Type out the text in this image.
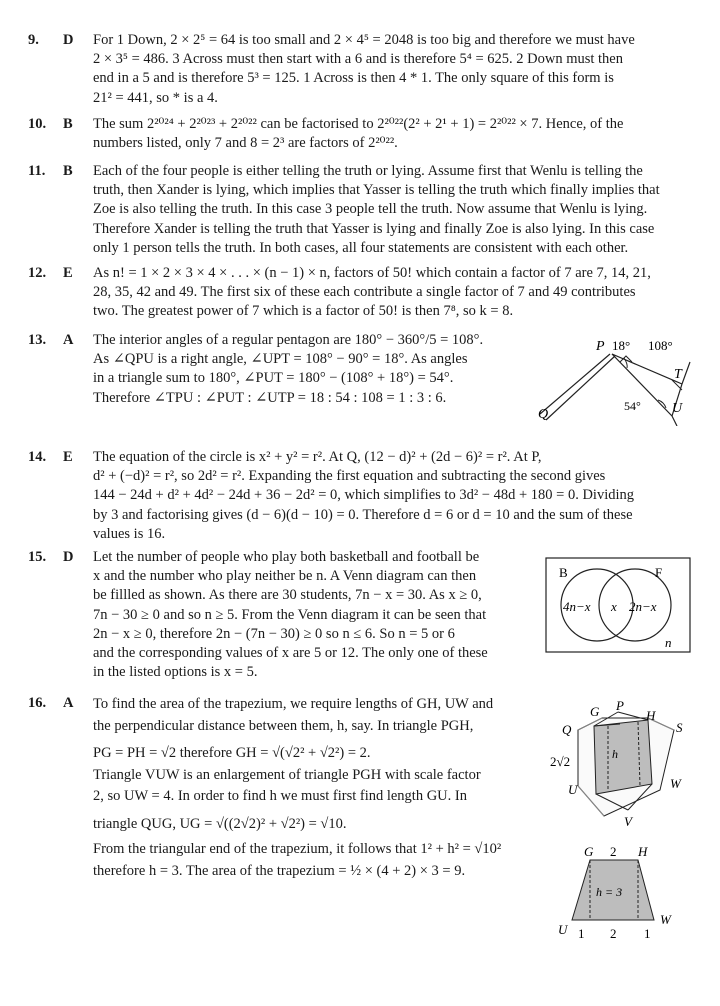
9. D For 1 Down, 2 × 2⁵ = 64 is too small and 2 × 4⁵ = 2048 is too big and therefore we must have
2 × 3⁵ = 486. 3 Across must then start with a 6 and is therefore 5⁴ = 625. 2 Down must then
end in a 5 and is therefore 5³ = 125. 1 Across is then 4 * 1. The only square of this form is
21² = 441, so * is a 4.
10. B The sum 2²⁰²⁴ + 2²⁰²³ + 2²⁰²² can be factorised to 2²⁰²²(2² + 2¹ + 1) = 2²⁰²² × 7. Hence, of the
numbers listed, only 7 and 8 = 2³ are factors of 2²⁰²².
11. B Each of the four people is either telling the truth or lying. Assume first that Wenlu is telling the
truth, then Xander is lying, which implies that Yasser is telling the truth which finally implies that
Zoe is also telling the truth. In this case 3 people tell the truth. Now assume that Wenlu is lying.
Therefore Xander is telling the truth that Yasser is lying and finally Zoe is also lying. In this case
only 1 person tells the truth. In both cases, all four statements are consistent with each other.
12. E As n! = 1 × 2 × 3 × 4 × . . . × (n − 1) × n, factors of 50! which contain a factor of 7 are 7, 14, 21,
28, 35, 42 and 49. The first six of these each contribute a single factor of 7 and 49 contributes
two. The greatest power of 7 which is a factor of 50! is then 7⁸, so k = 8.
13. A The interior angles of a regular pentagon are 180° − 360°/5 = 108°.
As ∠QPU is a right angle, ∠UPT = 108° − 90° = 18°. As angles
in a triangle sum to 180°, ∠PUT = 180° − (108° + 18°) = 54°.
Therefore ∠TPU : ∠PUT : ∠UTP = 18 : 54 : 108 = 1 : 3 : 6.
P 18° 108°
T
Q
54° U
14. E The equation of the circle is x² + y² = r². At Q, (12 − d)² + (2d − 6)² = r². At P,
d² + (−d)² = r², so 2d² = r². Expanding the first equation and subtracting the second gives
144 − 24d + d² + 4d² − 24d + 36 − 2d² = 0, which simplifies to 3d² − 48d + 180 = 0. Dividing
by 3 and factorising gives (d − 6)(d − 10) = 0. Therefore d = 6 or d = 10 and the sum of these
values is 16.
15. D Let the number of people who play both basketball and football be
x and the number who play neither be n. A Venn diagram can then
be fillled as shown. As there are 30 students, 7n − x = 30. As x ≥ 0,
7n − 30 ≥ 0 and so n ≥ 5. From the Venn diagram it can be seen that
2n − x ≥ 0, therefore 2n − (7n − 30) ≥ 0 so n ≤ 6. So n = 5 or 6
and the corresponding values of x are 5 or 12. The only one of these
in the listed options is x = 5.
B	F
4n−x x 2n−x
n
16. A To find the area of the trapezium, we require lengths of GH, UW and
the perpendicular distance between them, h, say. In triangle PGH,
PG = PH = √2 therefore GH = √(√2² + √2²) = 2.
Triangle VUW is an enlargement of triangle PGH with scale factor
2, so UW = 4. In order to find h we must first find length GU. In
triangle QUG, UG = √((2√2)² + √2²) = √10.
From the triangular end of the trapezium, it follows that 1² + h² = √10²
therefore h = 3. The area of the trapezium = ½ × (4 + 2) × 3 = 9.
G P
H
Q	S
h
2√2
U	W
V
G 2 H
h = 3
U
W
1 2 1
